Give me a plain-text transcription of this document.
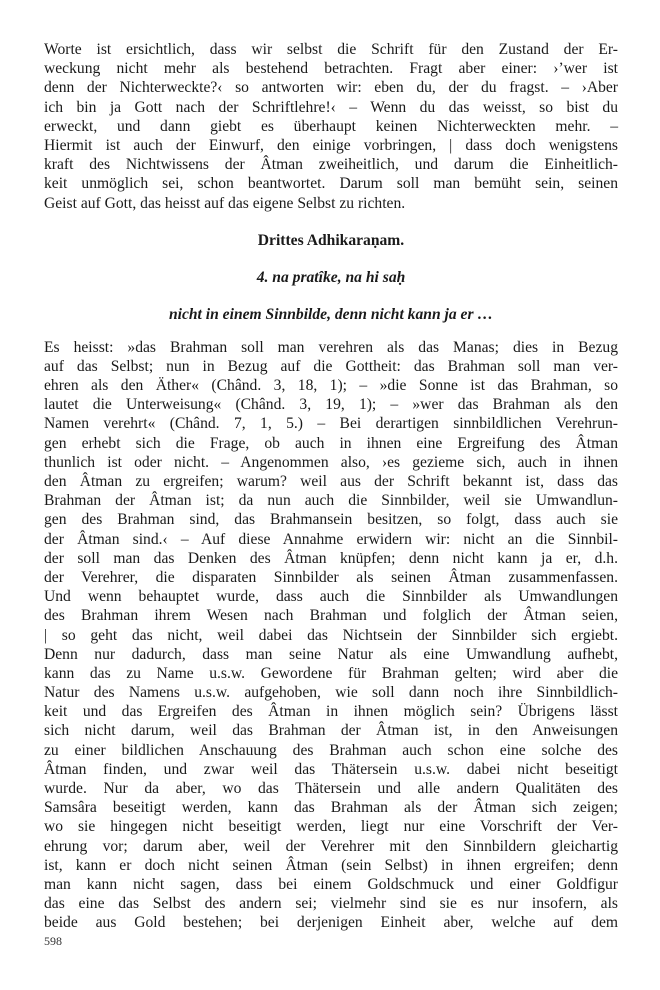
Worte ist ersichtlich, dass wir selbst die Schrift für den Zustand der Er-
weckung nicht mehr als bestehend betrachten. Fragt aber einer: ›’wer ist
denn der Nichterweckte?‹ so antworten wir: eben du, der du fragst. – ›Aber
ich bin ja Gott nach der Schriftlehre!‹ – Wenn du das weisst, so bist du
erweckt, und dann giebt es überhaupt keinen Nichterweckten mehr. –
Hiermit ist auch der Einwurf, den einige vorbringen, | dass doch wenigstens
kraft des Nichtwissens der Âtman zweiheitlich, und darum die Einheitlich-
keit unmöglich sei, schon beantwortet. Darum soll man bemüht sein, seinen
Geist auf Gott, das heisst auf das eigene Selbst zu richten.
Drittes Adhikaraṇam.
4. na pratîke, na hi saḥ
nicht in einem Sinnbilde, denn nicht kann ja er …
Es heisst: »das Brahman soll man verehren als das Manas; dies in Bezug
auf das Selbst; nun in Bezug auf die Gottheit: das Brahman soll man ver-
ehren als den Äther« (Chând. 3, 18, 1); – »die Sonne ist das Brahman, so
lautet die Unterweisung« (Chând. 3, 19, 1); – »wer das Brahman als den
Namen verehrt« (Chând. 7, 1, 5.) – Bei derartigen sinnbildlichen Verehrun-
gen erhebt sich die Frage, ob auch in ihnen eine Ergreifung des Âtman
thunlich ist oder nicht. – Angenommen also, ›es gezieme sich, auch in ihnen
den Âtman zu ergreifen; warum? weil aus der Schrift bekannt ist, dass das
Brahman der Âtman ist; da nun auch die Sinnbilder, weil sie Umwandlun-
gen des Brahman sind, das Brahmansein besitzen, so folgt, dass auch sie
der Âtman sind.‹ – Auf diese Annahme erwidern wir: nicht an die Sinnbil-
der soll man das Denken des Âtman knüpfen; denn nicht kann ja er, d.h.
der Verehrer, die disparaten Sinnbilder als seinen Âtman zusammenfassen.
Und wenn behauptet wurde, dass auch die Sinnbilder als Umwandlungen
des Brahman ihrem Wesen nach Brahman und folglich der Âtman seien,
| so geht das nicht, weil dabei das Nichtsein der Sinnbilder sich ergiebt.
Denn nur dadurch, dass man seine Natur als eine Umwandlung aufhebt,
kann das zu Name u.s.w. Gewordene für Brahman gelten; wird aber die
Natur des Namens u.s.w. aufgehoben, wie soll dann noch ihre Sinnbildlich-
keit und das Ergreifen des Âtman in ihnen möglich sein? Übrigens lässt
sich nicht darum, weil das Brahman der Âtman ist, in den Anweisungen
zu einer bildlichen Anschauung des Brahman auch schon eine solche des
Âtman finden, und zwar weil das Thätersein u.s.w. dabei nicht beseitigt
wurde. Nur da aber, wo das Thätersein und alle andern Qualitäten des
Samsâra beseitigt werden, kann das Brahman als der Âtman sich zeigen;
wo sie hingegen nicht beseitigt werden, liegt nur eine Vorschrift der Ver-
ehrung vor; darum aber, weil der Verehrer mit den Sinnbildern gleichartig
ist, kann er doch nicht seinen Âtman (sein Selbst) in ihnen ergreifen; denn
man kann nicht sagen, dass bei einem Goldschmuck und einer Goldfigur
das eine das Selbst des andern sei; vielmehr sind sie es nur insofern, als
beide aus Gold bestehen; bei derjenigen Einheit aber, welche auf dem
598
